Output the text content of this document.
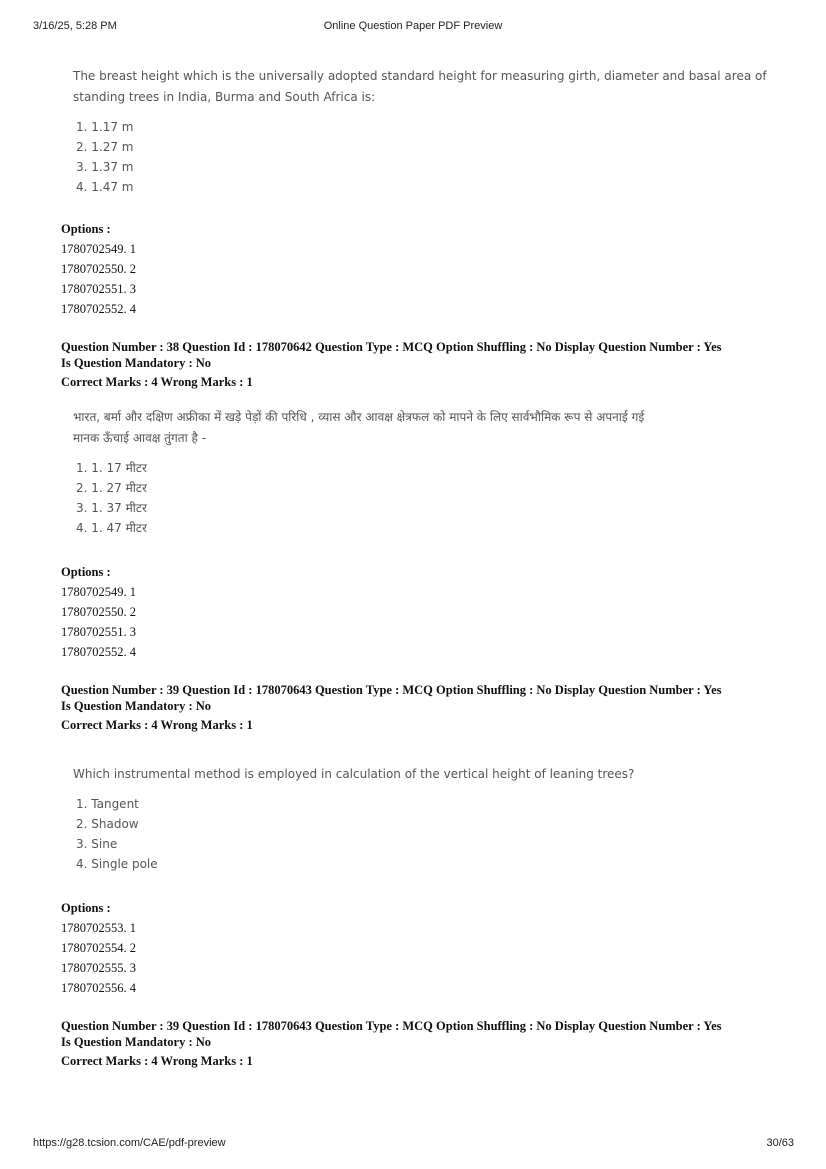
3/16/25, 5:28 PM	Online Question Paper PDF Preview
The breast height which is the universally adopted standard height for measuring girth, diameter and basal area of
standing trees in India, Burma and South Africa is:
1. 1.17 m
2. 1.27 m
3. 1.37 m
4. 1.47 m
Options :
1780702549. 1
1780702550. 2
1780702551. 3
1780702552. 4
Question Number : 38 Question Id : 178070642 Question Type : MCQ Option Shuffling : No Display Question Number : Yes
Is Question Mandatory : No
Correct Marks : 4 Wrong Marks : 1
भारत, बर्मा और दक्षिण अफ्रीका में खड़े पेड़ों की परिधि , व्यास और आवक्ष क्षेत्रफल को मापने के लिए सार्वभौमिक रूप से अपनाई गई
मानक ऊँचाई आवक्ष तुंगता है -
1. 1. 17 मीटर
2. 1. 27 मीटर
3. 1. 37 मीटर
4. 1. 47 मीटर
Options :
1780702549. 1
1780702550. 2
1780702551. 3
1780702552. 4
Question Number : 39 Question Id : 178070643 Question Type : MCQ Option Shuffling : No Display Question Number : Yes
Is Question Mandatory : No
Correct Marks : 4 Wrong Marks : 1
Which instrumental method is employed in calculation of the vertical height of leaning trees?
1. Tangent
2. Shadow
3. Sine
4. Single pole
Options :
1780702553. 1
1780702554. 2
1780702555. 3
1780702556. 4
Question Number : 39 Question Id : 178070643 Question Type : MCQ Option Shuffling : No Display Question Number : Yes
Is Question Mandatory : No
Correct Marks : 4 Wrong Marks : 1
https://g28.tcsion.com/CAE/pdf-preview	30/63
